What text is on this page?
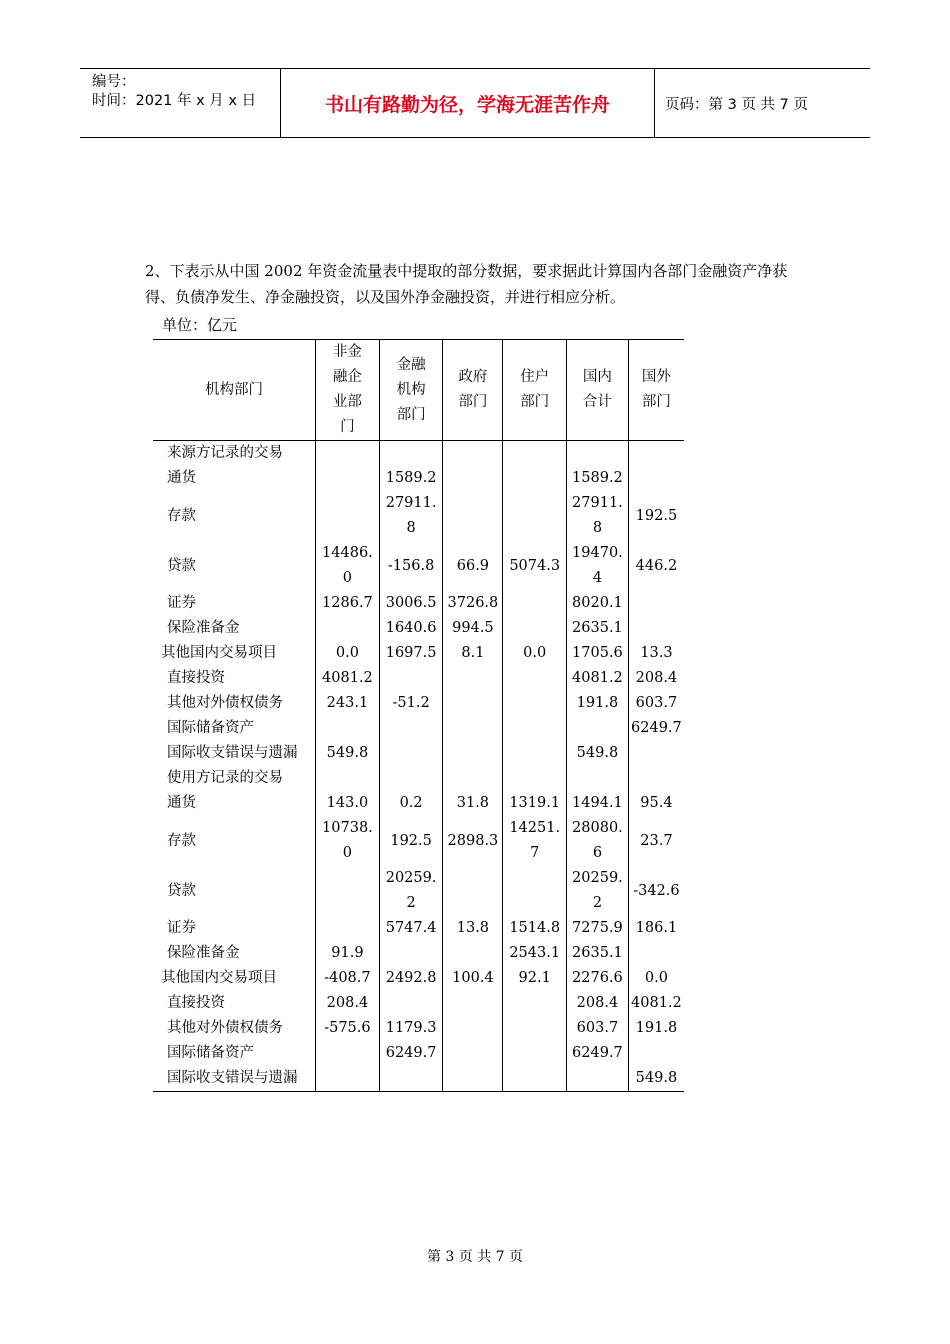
编号：
时间：2021 年 x 月 x 日	书山有路勤为径，学海无涯苦作舟	页码：第 3 页 共 7 页
2、下表示从中国 2002 年资金流量表中提取的部分数据，要求据此计算国内各部门金融资产净获得、负债净发生、净金融投资，以及国外净金融投资，并进行相应分析。
单位：亿元
机构部门	非金融企业部门	金融机构部门	政府部门	住户部门	国内合计	国外部门

来源方记录的交易						
通货		1589.2			1589.2	
存款		27911.8			27911.8	192.5
贷款	14486.0	-156.8	66.9	5074.3	19470.4	446.2
证券	1286.7	3006.5	3726.8		8020.1	
保险准备金		1640.6	994.5		2635.1	
其他国内交易项目	0.0	1697.5	8.1	0.0	1705.6	13.3
直接投资	4081.2				4081.2	208.4
其他对外债权债务	243.1	-51.2			191.8	603.7
国际储备资产						6249.7
国际收支错误与遗漏	549.8				549.8	
使用方记录的交易						
通货	143.0	0.2	31.8	1319.1	1494.1	95.4
存款	10738.0	192.5	2898.3	14251.7	28080.6	23.7
贷款		20259.2			20259.2	-342.6
证券		5747.4	13.8	1514.8	7275.9	186.1
保险准备金	91.9			2543.1	2635.1	
其他国内交易项目	-408.7	2492.8	100.4	92.1	2276.6	0.0
直接投资	208.4				208.4	4081.2
其他对外债权债务	-575.6	1179.3			603.7	191.8
国际储备资产		6249.7			6249.7	
国际收支错误与遗漏						549.8
第 3 页 共 7 页
